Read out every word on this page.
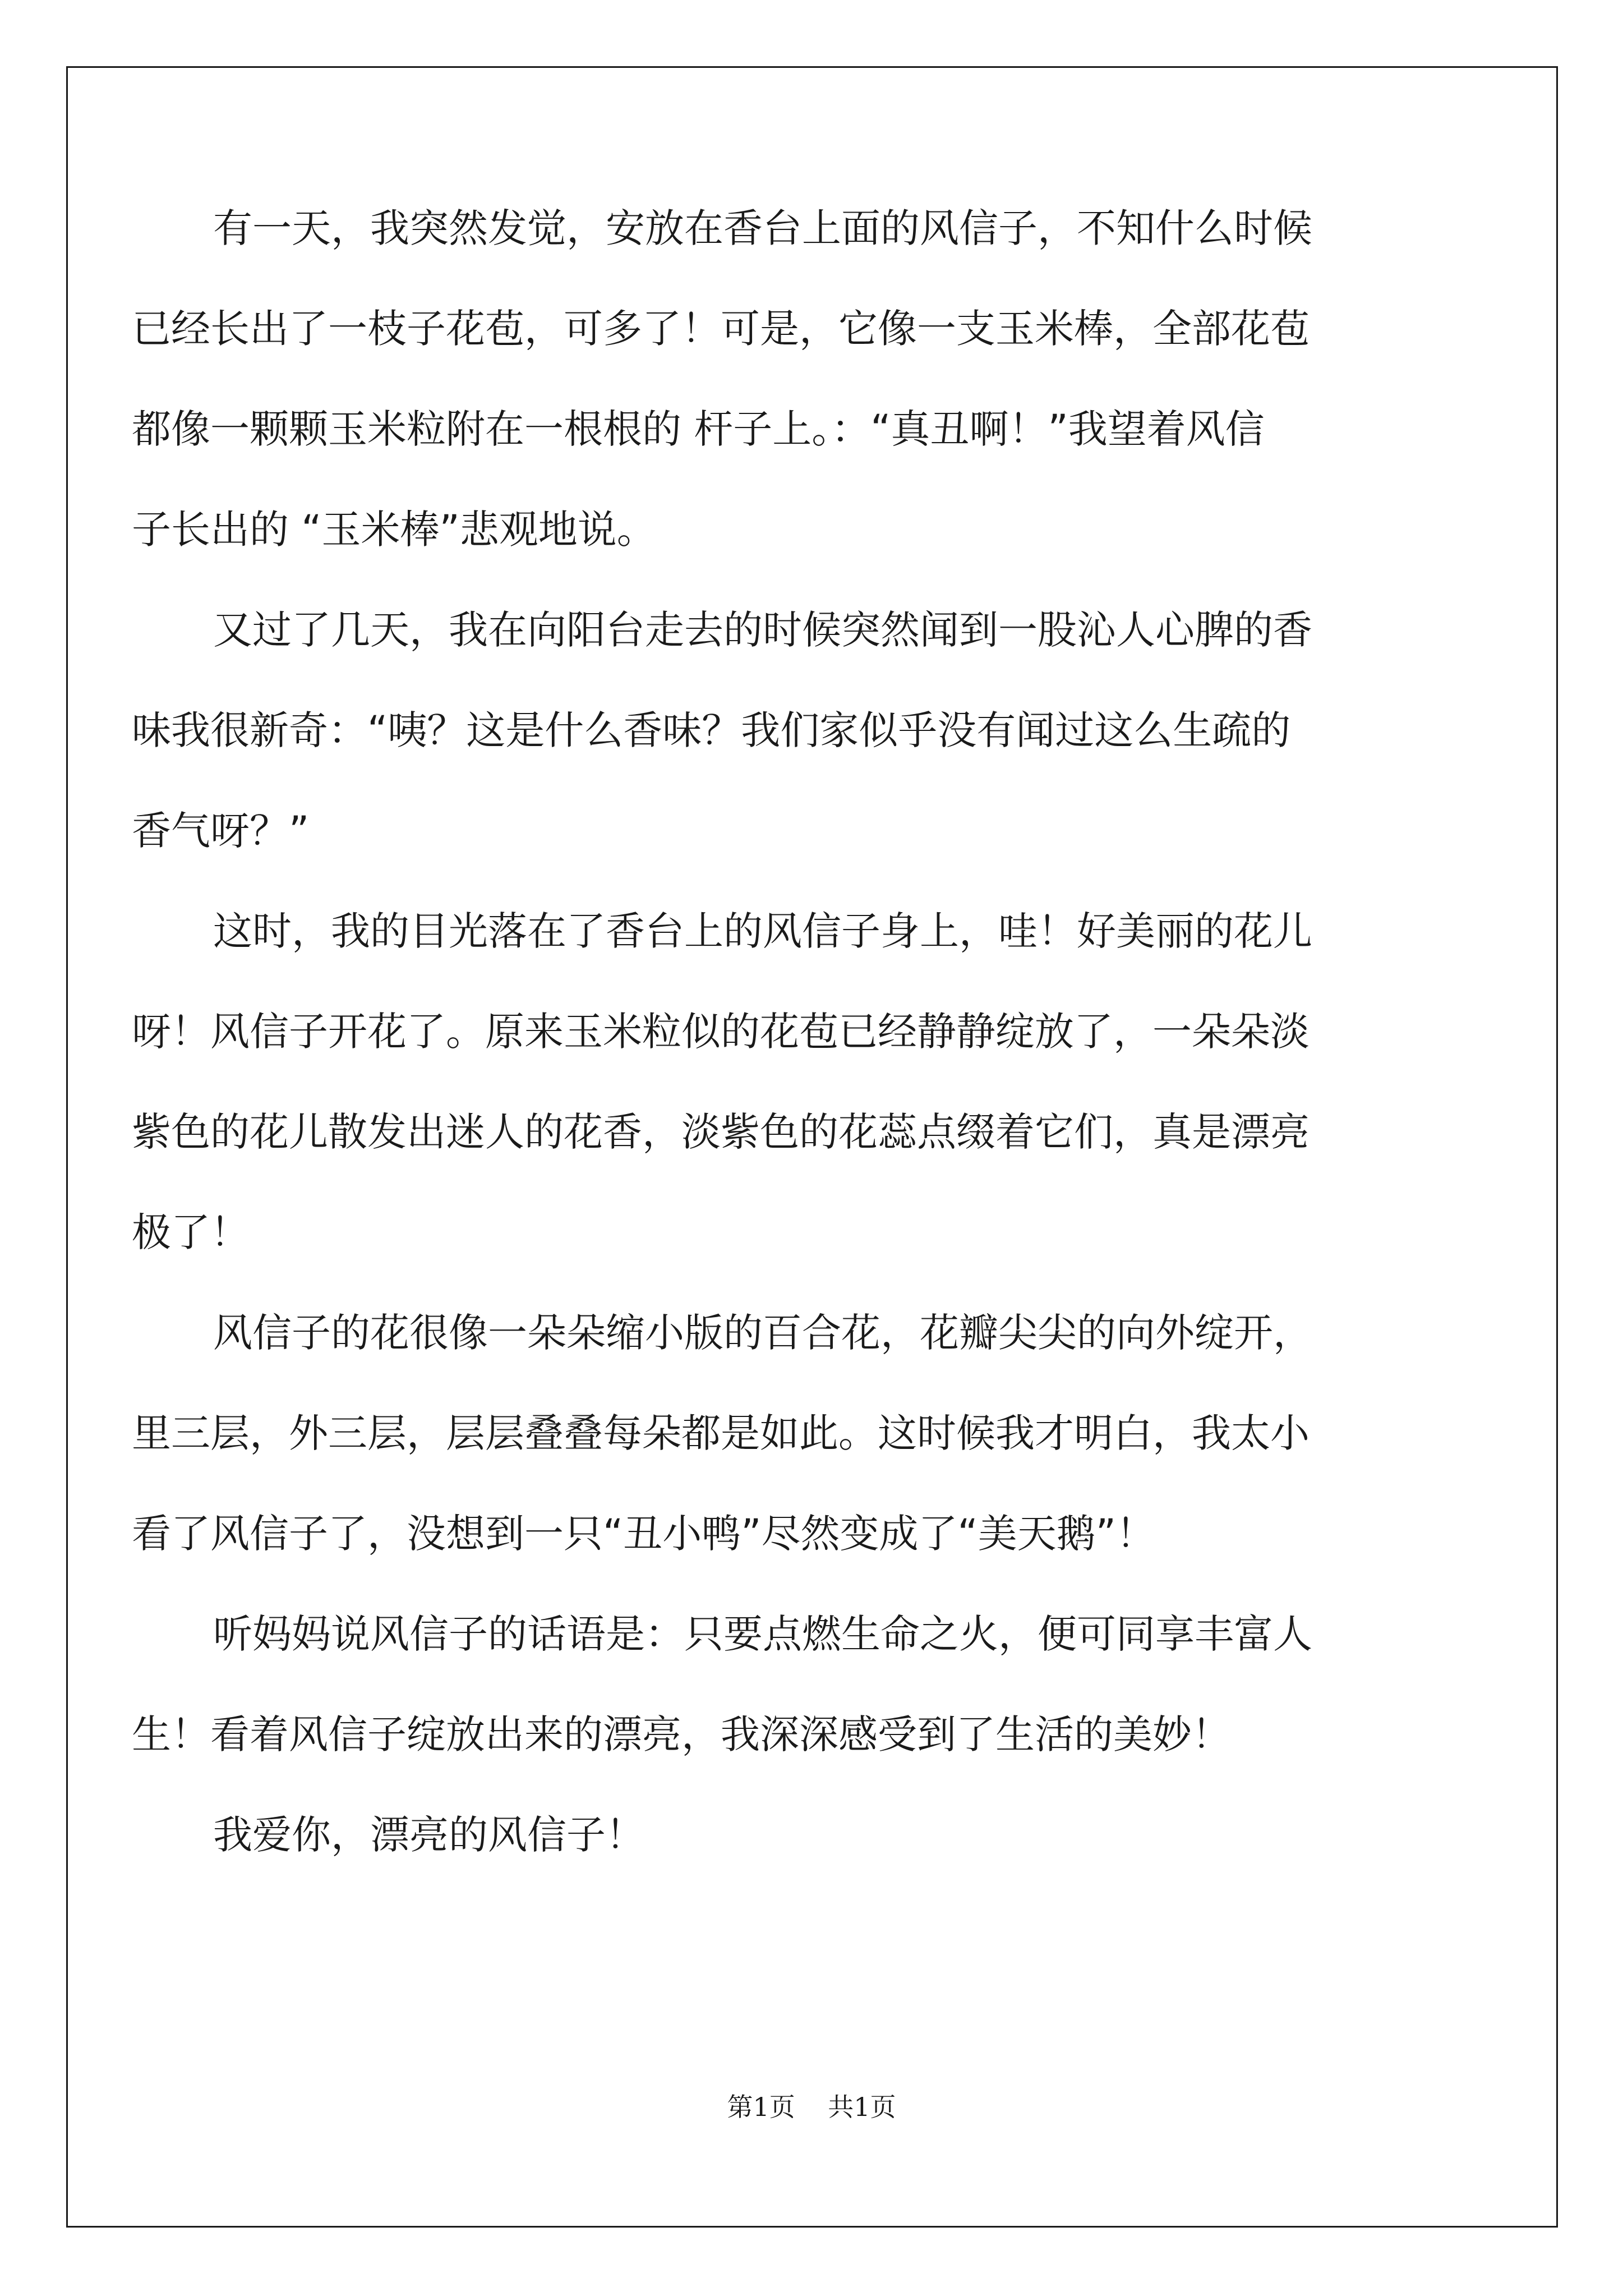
有一天，我突然发觉，安放在香台上面的风信子，不知什么时候
已经长出了一枝子花苞，可多了！可是，它像一支玉米棒，全部花苞
都像一颗颗玉米粒附在一根根的 杆子上。：“真丑啊！”我望着风信
子长出的 “玉米棒”悲观地说。
又过了几天，我在向阳台走去的时候突然闻到一股沁人心脾的香
味我很新奇：“咦？这是什么香味？我们家似乎没有闻过这么生疏的
香气呀？”
这时，我的目光落在了香台上的风信子身上，哇！好美丽的花儿
呀！风信子开花了。原来玉米粒似的花苞已经静静绽放了，一朵朵淡
紫色的花儿散发出迷人的花香，淡紫色的花蕊点缀着它们，真是漂亮
极了！
风信子的花很像一朵朵缩小版的百合花，花瓣尖尖的向外绽开，
里三层，外三层，层层叠叠每朵都是如此。这时候我才明白，我太小
看了风信子了，没想到一只“丑小鸭”尽然变成了“美天鹅”！
听妈妈说风信子的话语是：只要点燃生命之火，便可同享丰富人
生！看着风信子绽放出来的漂亮，我深深感受到了生活的美妙！
我爱你，漂亮的风信子！
第1页 共1页
